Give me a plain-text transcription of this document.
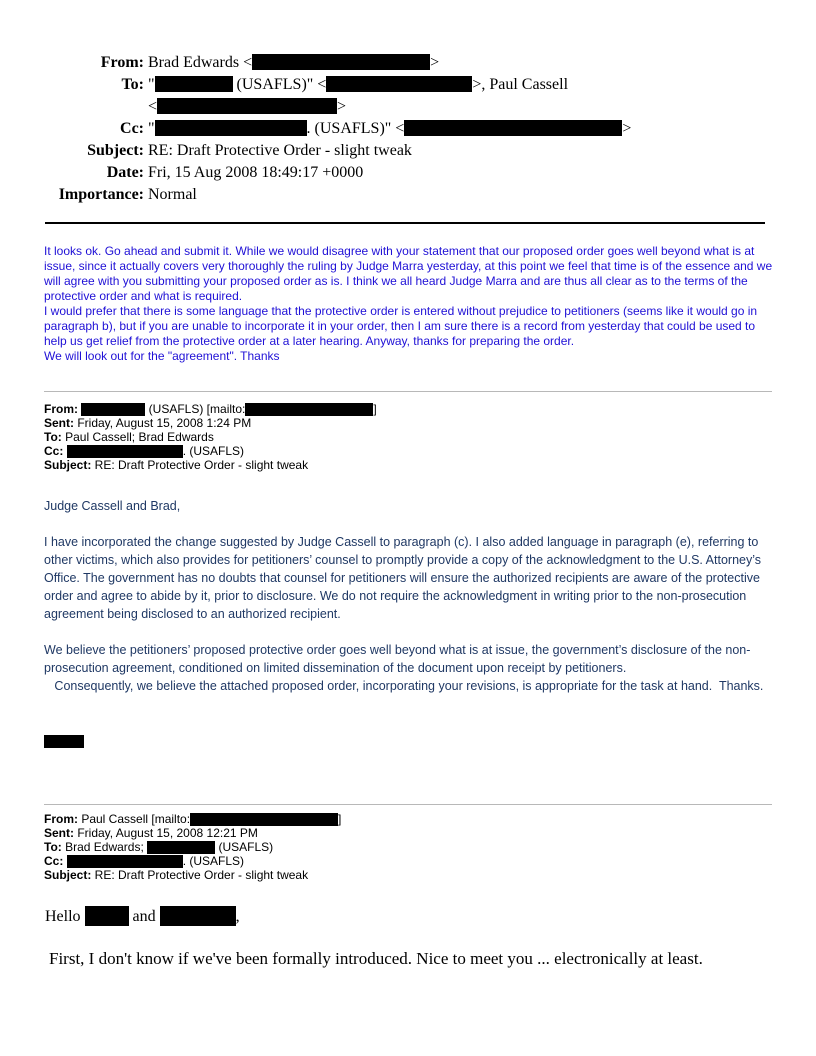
From: Brad Edwards <	>
To: "	(USAFLS)" <	>, Paul Cassell
<	>
Cc: "	. (USAFLS)" <	>
Subject: RE: Draft Protective Order - slight tweak
Date: Fri, 15 Aug 2008 18:49:17 +0000
Importance: Normal

It looks ok. Go ahead and submit it. While we would disagree with your statement that our proposed order goes well beyond what is at issue, since it actually covers very thoroughly the ruling by Judge Marra yesterday, at this point we feel that time is of the essence and we will agree with you submitting your proposed order as is. I think we all heard Judge Marra and are thus all clear as to the terms of the protective order and what is required.

I would prefer that there is some language that the protective order is entered without prejudice to petitioners (seems like it would go in paragraph b), but if you are unable to incorporate it in your order, then I am sure there is a record from yesterday that could be used to help us get relief from the protective order at a later hearing. Anyway, thanks for preparing the order.

We will look out for the "agreement". Thanks

From:	(USAFLS) [mailto:	]
Sent: Friday, August 15, 2008 1:24 PM
To: Paul Cassell; Brad Edwards
Cc:	. (USAFLS)
Subject: RE: Draft Protective Order - slight tweak

Judge Cassell and Brad,

I have incorporated the change suggested by Judge Cassell to paragraph (c). I also added language in paragraph (e), referring to other victims, which also provides for petitioners’ counsel to promptly provide a copy of the acknowledgment to the U.S. Attorney’s Office. The government has no doubts that counsel for petitioners will ensure the authorized recipients are aware of the protective order and agree to abide by it, prior to disclosure. We do not require the acknowledgment in writing prior to the non-prosecution agreement being disclosed to an authorized recipient.

We believe the petitioners’ proposed protective order goes well beyond what is at issue, the government’s disclosure of the non-prosecution agreement, conditioned on limited dissemination of the document upon receipt by petitioners.

Consequently, we believe the attached proposed order, incorporating your revisions, is appropriate for the task at hand.  Thanks.

From: Paul Cassell [mailto:	]
Sent: Friday, August 15, 2008 12:21 PM
To: Brad Edwards;	(USAFLS)
Cc:	. (USAFLS)
Subject: RE: Draft Protective Order - slight tweak
Hello	and	,
First, I don't know if we've been formally introduced. Nice to meet you ... electronically at least.
